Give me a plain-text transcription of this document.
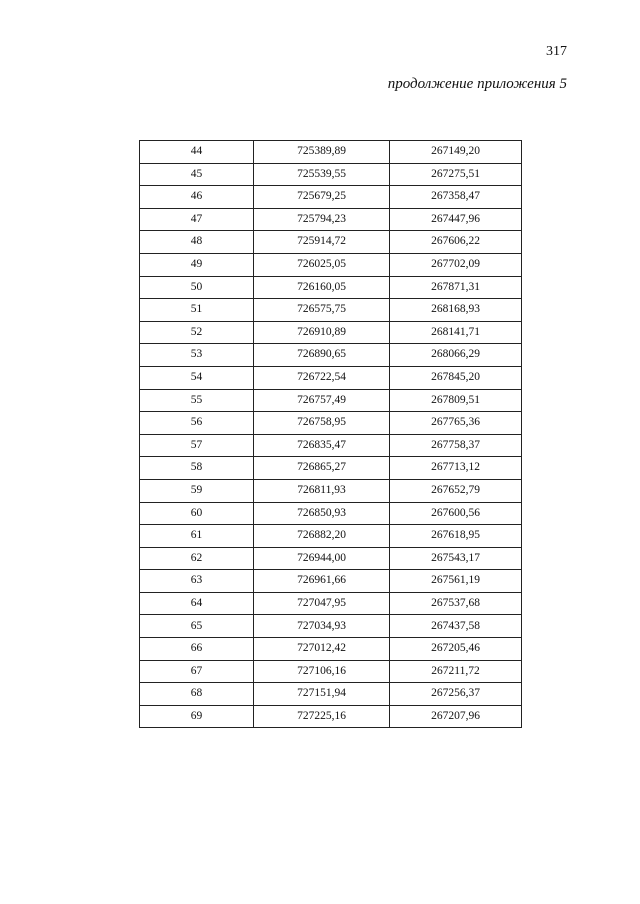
317

продолжение приложения 5

44	725389,89	267149,20
45	725539,55	267275,51
46	725679,25	267358,47
47	725794,23	267447,96
48	725914,72	267606,22
49	726025,05	267702,09
50	726160,05	267871,31
51	726575,75	268168,93
52	726910,89	268141,71
53	726890,65	268066,29
54	726722,54	267845,20
55	726757,49	267809,51
56	726758,95	267765,36
57	726835,47	267758,37
58	726865,27	267713,12
59	726811,93	267652,79
60	726850,93	267600,56
61	726882,20	267618,95
62	726944,00	267543,17
63	726961,66	267561,19
64	727047,95	267537,68
65	727034,93	267437,58
66	727012,42	267205,46
67	727106,16	267211,72
68	727151,94	267256,37
69	727225,16	267207,96
